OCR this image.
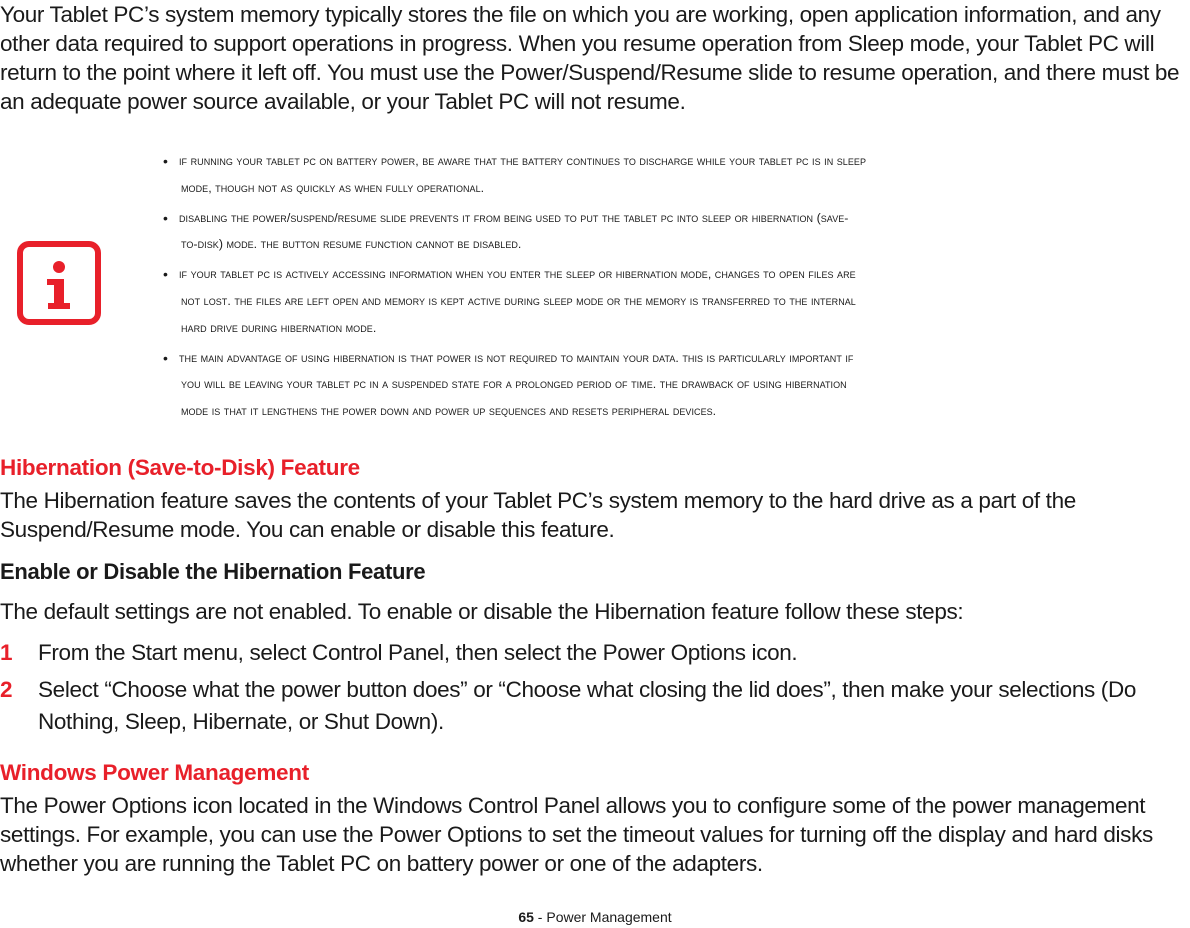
Your Tablet PC’s system memory typically stores the file on which you are working, open application information, and any other data required to support operations in progress. When you resume operation from Sleep mode, your Tablet PC will return to the point where it left off. You must use the Power/Suspend/Resume slide to resume operation, and there must be an adequate power source available, or your Tablet PC will not resume.

• if running your tablet pc on battery power, be aware that the battery continues to discharge while your tablet pc is in sleep
mode, though not as quickly as when fully operational.
• disabling the power/suspend/resume slide prevents it from being used to put the tablet pc into sleep or hibernation (save-
to-disk) mode. the button resume function cannot be disabled.
• if your tablet pc is actively accessing information when you enter the sleep or hibernation mode, changes to open files are
not lost. the files are left open and memory is kept active during sleep mode or the memory is transferred to the internal
hard drive during hibernation mode.
• the main advantage of using hibernation is that power is not required to maintain your data. this is particularly important if
you will be leaving your tablet pc in a suspended state for a prolonged period of time. the drawback of using hibernation
mode is that it lengthens the power down and power up sequences and resets peripheral devices.
Hibernation (Save-to-Disk) Feature

The Hibernation feature saves the contents of your Tablet PC’s system memory to the hard drive as a part of the Suspend/Resume mode. You can enable or disable this feature.

Enable or Disable the Hibernation Feature

The default settings are not enabled. To enable or disable the Hibernation feature follow these steps:

1 From the Start menu, select Control Panel, then select the Power Options icon.
2 Select “Choose what the power button does” or “Choose what closing the lid does”, then make your selections (Do Nothing, Sleep, Hibernate, or Shut Down).
Windows Power Management

The Power Options icon located in the Windows Control Panel allows you to configure some of the power management settings. For example, you can use the Power Options to set the timeout values for turning off the display and hard disks whether you are running the Tablet PC on battery power or one of the adapters.

65 - Power Management
